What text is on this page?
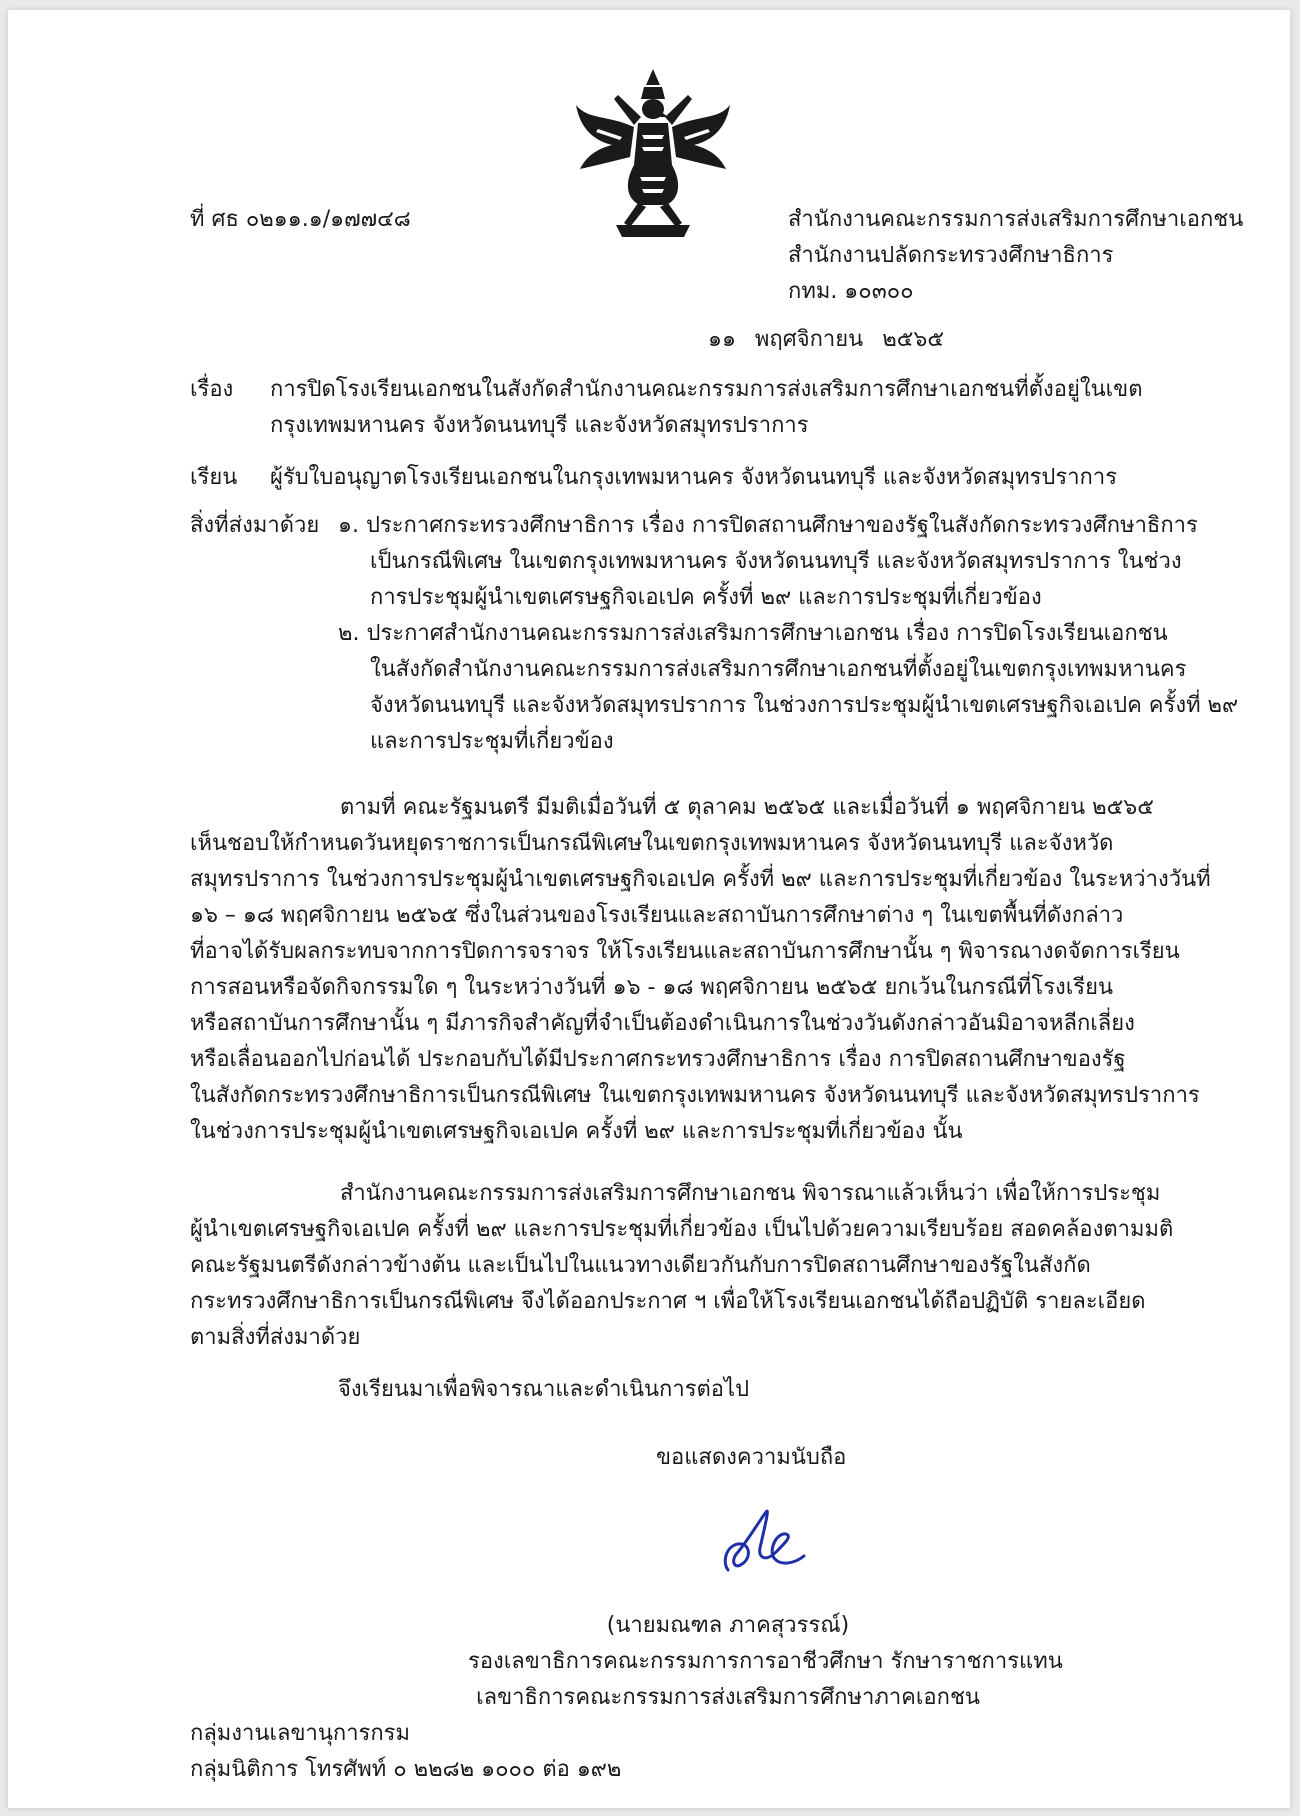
ที่ ศธ ๐๒๑๑.๑/๑๗๗๔๘	สำนักงานคณะกรรมการส่งเสริมการศึกษาเอกชน
สำนักงานปลัดกระทรวงศึกษาธิการ
กทม. ๑๐๓๐๐
๑๑ พฤศจิกายน ๒๕๖๕
เรื่อง การปิดโรงเรียนเอกชนในสังกัดสำนักงานคณะกรรมการส่งเสริมการศึกษาเอกชนที่ตั้งอยู่ในเขต
กรุงเทพมหานคร จังหวัดนนทบุรี และจังหวัดสมุทรปราการ
เรียน ผู้รับใบอนุญาตโรงเรียนเอกชนในกรุงเทพมหานคร จังหวัดนนทบุรี และจังหวัดสมุทรปราการ
สิ่งที่ส่งมาด้วย ๑. ประกาศกระทรวงศึกษาธิการ เรื่อง การปิดสถานศึกษาของรัฐในสังกัดกระทรวงศึกษาธิการ
เป็นกรณีพิเศษ ในเขตกรุงเทพมหานคร จังหวัดนนทบุรี และจังหวัดสมุทรปราการ ในช่วง
การประชุมผู้นำเขตเศรษฐกิจเอเปค ครั้งที่ ๒๙ และการประชุมที่เกี่ยวข้อง
๒. ประกาศสำนักงานคณะกรรมการส่งเสริมการศึกษาเอกชน เรื่อง การปิดโรงเรียนเอกชน
ในสังกัดสำนักงานคณะกรรมการส่งเสริมการศึกษาเอกชนที่ตั้งอยู่ในเขตกรุงเทพมหานคร
จังหวัดนนทบุรี และจังหวัดสมุทรปราการ ในช่วงการประชุมผู้นำเขตเศรษฐกิจเอเปค ครั้งที่ ๒๙
และการประชุมที่เกี่ยวข้อง
ตามที่ คณะรัฐมนตรี มีมติเมื่อวันที่ ๕ ตุลาคม ๒๕๖๕ และเมื่อวันที่ ๑ พฤศจิกายน ๒๕๖๕
เห็นชอบให้กำหนดวันหยุดราชการเป็นกรณีพิเศษในเขตกรุงเทพมหานคร จังหวัดนนทบุรี และจังหวัด
สมุทรปราการ ในช่วงการประชุมผู้นำเขตเศรษฐกิจเอเปค ครั้งที่ ๒๙ และการประชุมที่เกี่ยวข้อง ในระหว่างวันที่
๑๖ – ๑๘ พฤศจิกายน ๒๕๖๕ ซึ่งในส่วนของโรงเรียนและสถาบันการศึกษาต่าง ๆ ในเขตพื้นที่ดังกล่าว
ที่อาจได้รับผลกระทบจากการปิดการจราจร ให้โรงเรียนและสถาบันการศึกษานั้น ๆ พิจารณางดจัดการเรียน
การสอนหรือจัดกิจกรรมใด ๆ ในระหว่างวันที่ ๑๖ - ๑๘ พฤศจิกายน ๒๕๖๕ ยกเว้นในกรณีที่โรงเรียน
หรือสถาบันการศึกษานั้น ๆ มีภารกิจสำคัญที่จำเป็นต้องดำเนินการในช่วงวันดังกล่าวอันมิอาจหลีกเลี่ยง
หรือเลื่อนออกไปก่อนได้ ประกอบกับได้มีประกาศกระทรวงศึกษาธิการ เรื่อง การปิดสถานศึกษาของรัฐ
ในสังกัดกระทรวงศึกษาธิการเป็นกรณีพิเศษ ในเขตกรุงเทพมหานคร จังหวัดนนทบุรี และจังหวัดสมุทรปราการ
ในช่วงการประชุมผู้นำเขตเศรษฐกิจเอเปค ครั้งที่ ๒๙ และการประชุมที่เกี่ยวข้อง นั้น
สำนักงานคณะกรรมการส่งเสริมการศึกษาเอกชน พิจารณาแล้วเห็นว่า เพื่อให้การประชุม
ผู้นำเขตเศรษฐกิจเอเปค ครั้งที่ ๒๙ และการประชุมที่เกี่ยวข้อง เป็นไปด้วยความเรียบร้อย สอดคล้องตามมติ
คณะรัฐมนตรีดังกล่าวข้างต้น และเป็นไปในแนวทางเดียวกันกับการปิดสถานศึกษาของรัฐในสังกัด
กระทรวงศึกษาธิการเป็นกรณีพิเศษ จึงได้ออกประกาศ ฯ เพื่อให้โรงเรียนเอกชนได้ถือปฏิบัติ รายละเอียด
ตามสิ่งที่ส่งมาด้วย
จึงเรียนมาเพื่อพิจารณาและดำเนินการต่อไป
ขอแสดงความนับถือ
(นายมณฑล ภาคสุวรรณ์)
รองเลขาธิการคณะกรรมการการอาชีวศึกษา รักษาราชการแทน
เลขาธิการคณะกรรมการส่งเสริมการศึกษาภาคเอกชน
กลุ่มงานเลขานุการกรม
กลุ่มนิติการ โทรศัพท์ ๐ ๒๒๘๒ ๑๐๐๐ ต่อ ๑๙๒
